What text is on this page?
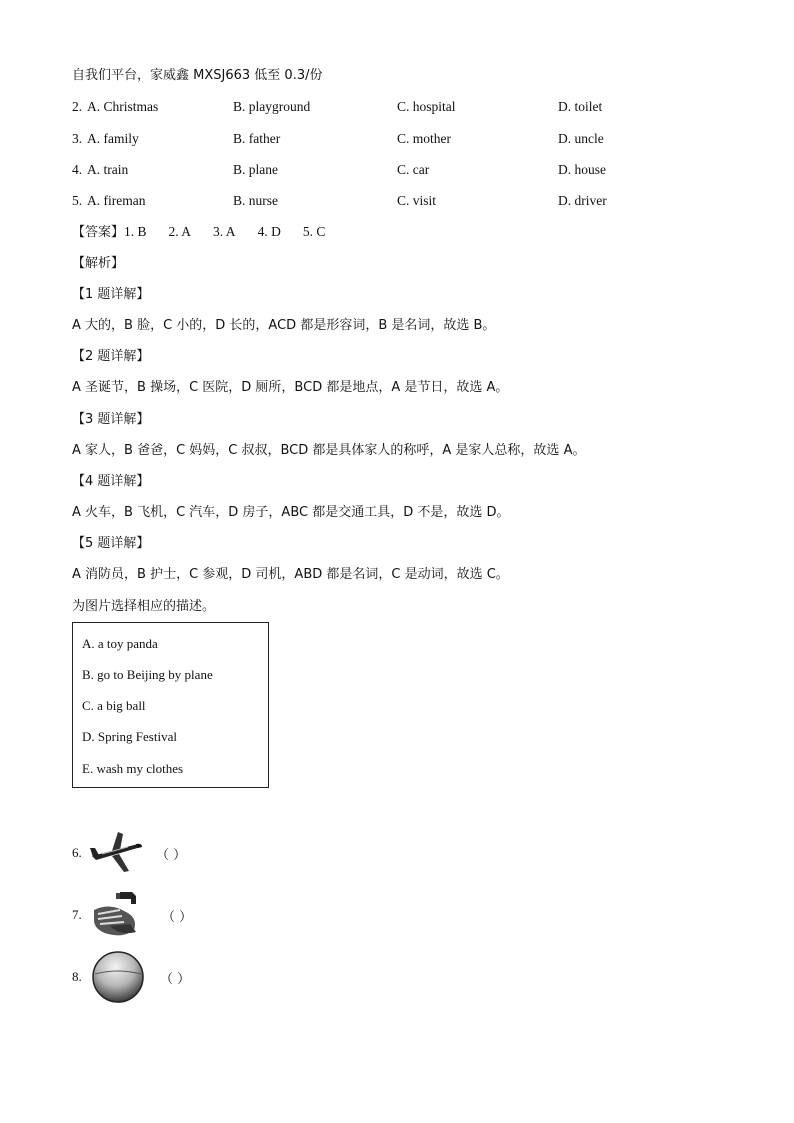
自我们平台，家威鑫 MXSJ663 低至 0.3/份
2. A. Christmas	B. playground	C. hospital	D. toilet
3. A. family	B. father	C. mother	D. uncle
4. A. train	B. plane	C. car	D. house
5. A. fireman	B. nurse	C. visit	D. driver
【答案】1. B 2. A 3. A 4. D 5. C
【解析】
【1 题详解】
A 大的，B 脸，C 小的，D 长的，ACD 都是形容词，B 是名词，故选 B。
【2 题详解】
A 圣诞节，B 操场，C 医院，D 厕所，BCD 都是地点，A 是节日，故选 A。
【3 题详解】
A 家人，B 爸爸，C 妈妈，C 叔叔，BCD 都是具体家人的称呼，A 是家人总称，故选 A。
【4 题详解】
A 火车，B 飞机，C 汽车，D 房子，ABC 都是交通工具，D 不是，故选 D。
【5 题详解】
A 消防员，B 护士，C 参观，D 司机，ABD 都是名词，C 是动词，故选 C。
为图片选择相应的描述。
A. a toy panda
B. go to Beijing by plane
C. a big ball
D. Spring Festival
E. wash my clothes
6.	（ ）
7.	（ ）
8.	（ ）
